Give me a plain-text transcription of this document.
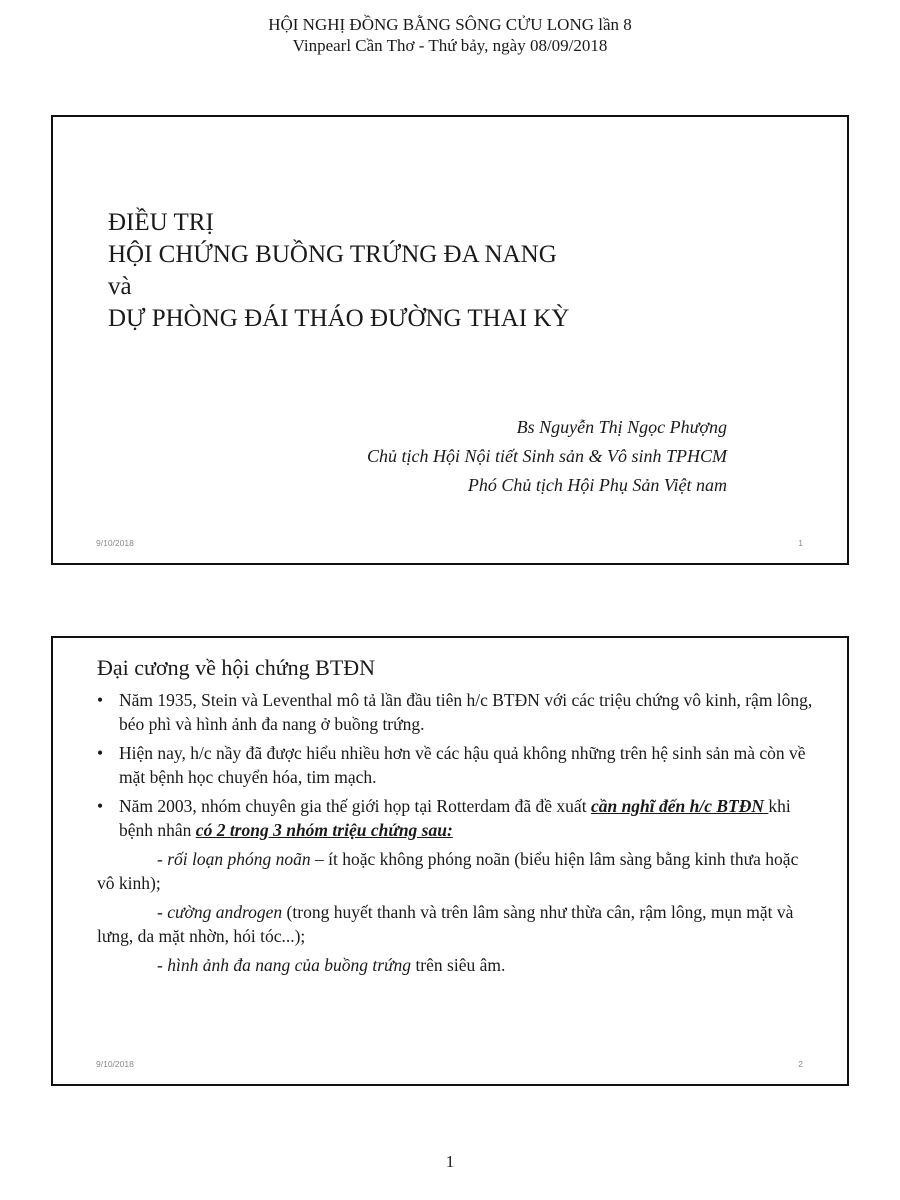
HỘI NGHỊ ĐỒNG BẰNG SÔNG CỬU LONG lần 8
Vinpearl Cần Thơ - Thứ bảy, ngày 08/09/2018
ĐIỀU TRỊ
HỘI CHỨNG BUỒNG TRỨNG ĐA NANG
và
DỰ PHÒNG ĐÁI THÁO ĐƯỜNG THAI KỲ
Bs Nguyễn Thị Ngọc Phượng
Chủ tịch Hội Nội tiết Sinh sản & Vô sinh TPHCM
Phó Chủ tịch Hội Phụ Sản Việt nam
9/10/2018	1
Đại cương về hội chứng BTĐN
• Năm 1935, Stein và Leventhal mô tả lần đầu tiên h/c BTĐN với các triệu chứng vô kinh, rậm lông, béo phì và hình ảnh đa nang ở buồng trứng.
• Hiện nay, h/c nầy đã được hiểu nhiều hơn về các hậu quả không những trên hệ sinh sản mà còn về mặt bệnh học chuyển hóa, tim mạch.
• Năm 2003, nhóm chuyên gia thế giới họp tại Rotterdam đã đề xuất cần nghĩ đến h/c BTĐN khi bệnh nhân có 2 trong 3 nhóm triệu chứng sau:
- rối loạn phóng noãn – ít hoặc không phóng noãn (biểu hiện lâm sàng bằng kinh thưa hoặc vô kinh);
- cường androgen (trong huyết thanh và trên lâm sàng như thừa cân, rậm lông, mụn mặt và lưng, da mặt nhờn, hói tóc...);
- hình ảnh đa nang của buồng trứng trên siêu âm.
9/10/2018	2
1
